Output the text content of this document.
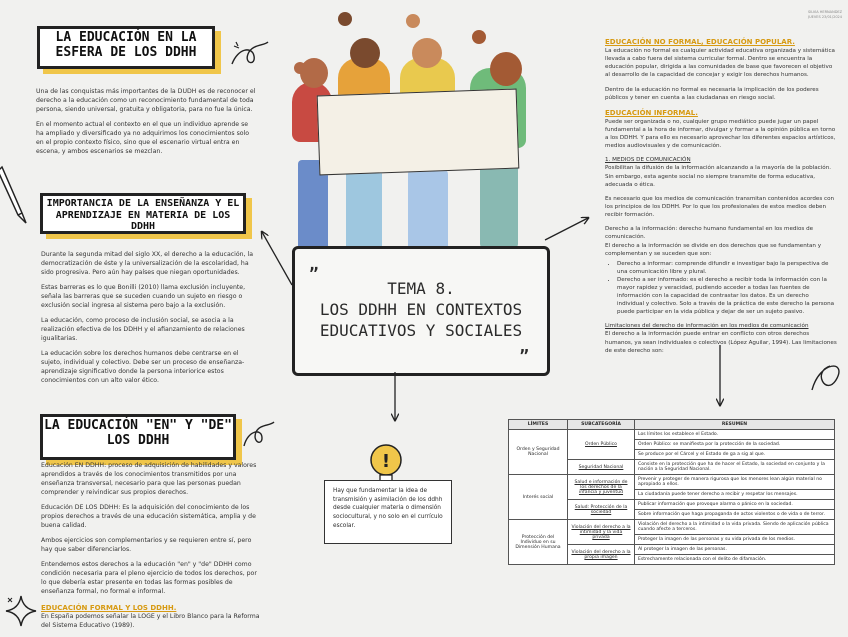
SILVIA HERNANDEZ
JUEVES 23/01/2024
LA EDUCACIÓN EN LA ESFERA DE LOS DDHH

Una de las conquistas más importantes de la DUDH es de reconocer el derecho a la educación como un reconocimiento fundamental de toda persona, siendo universal, gratuita y obligatoria, para no fue la única.

En el momento actual el contexto en el que un individuo aprende se ha ampliado y diversificado ya no adquirimos los conocimientos solo en el propio contexto físico, sino que el escenario virtual entra en escena, y ambos escenarios se mezclan.

IMPORTANCIA DE LA ENSEÑANZA Y EL APRENDIZAJE EN MATERIA DE LOS DDHH

Durante la segunda mitad del siglo XX, el derecho a la educación, la democratización de éste y la universalización de la escolaridad, ha sido progresiva. Pero aún hay países que niegan oportunidades.

Estas barreras es lo que Bonilli (2010) llama exclusión incluyente, señala las barreras que se suceden cuando un sujeto en riesgo o exclusión social ingresa al sistema pero bajo a la exclusión.

La educación, como proceso de inclusión social, se asocia a la realización efectiva de los DDHH y el afianzamiento de relaciones igualitarias.

La educación sobre los derechos humanos debe centrarse en el sujeto, individual y colectivo. Debe ser un proceso de enseñanza-aprendizaje significativo donde la persona interiorice estos conocimientos con un alto valor ético.

LA EDUCACIÓN "EN" Y "DE" LOS DDHH

Educación EN DDHH: proceso de adquisición de habilidades y valores aprendidos a través de los conocimientos transmitidos por una enseñanza transversal, necesario para que las personas puedan comprender y reivindicar sus propios derechos.

Educación DE LOS DDHH: Es la adquisición del conocimiento de los propios derechos a través de una educación sistemática, amplia y de buena calidad.

Ambos ejercicios son complementarios y se requieren entre sí, pero hay que saber diferenciarlos.

Entendemos estos derechos a la educación "en" y "de" DDHH como condición necesaria para el pleno ejercicio de todos los derechos, por lo que debería estar presente en todas las formas posibles de enseñanza formal, no formal e informal.

EDUCACIÓN FORMAL Y LOS DDHH.

En España podemos señalar la LOGE y el Libro Blanco para la Reforma del Sistema Educativo (1989).

„
”
TEMA 8.
LOS DDHH EN CONTEXTOS
EDUCATIVOS Y SOCIALES
!
Hay que fundamentar la idea de transmisión y asimilación de los ddhh desde cualquier materia o dimensión sociocultural, y no solo en el currículo escolar.
EDUCACIÓN NO FORMAL, EDUCACIÓN POPULAR.

La educación no formal es cualquier actividad educativa organizada y sistemática llevada a cabo fuera del sistema curricular formal. Dentro se encuentra la educación popular, dirigida a las comunidades de base que favorecen el objetivo al desarrollo de la capacidad de concejar y exigir los derechos humanos.

Dentro de la educación no formal es necesaria la implicación de los poderes públicos y tener en cuenta a las ciudadanas en riesgo social.

EDUCACIÓN INFORMAL.

Puede ser organizada o no, cualquier grupo mediático puede jugar un papel fundamental a la hora de informar, divulgar y formar a la opinión pública en torno a los DDHH. Y para ello es necesario aprovechar los diferentes espacios artísticos, medios audiovisuales y de comunicación.

1. MEDIOS DE COMUNICACIÓN

Posibilitan la difusión de la información alcanzando a la mayoría de la población. Sin embargo, esta agente social no siempre transmite de forma educativa, adecuada o ética.

Es necesario que los medios de comunicación transmitan contenidos acordes con los principios de los DDHH. Por lo que los profesionales de estos medios deben recibir formación.

Derecho a la información: derecho humano fundamental en los medios de comunicación.

El derecho a la información se divide en dos derechos que se fundamentan y complementan y se suceden que son:

• Derecho a informar: comprende difundir e investigar bajo la perspectiva de una comunicación libre y plural.
• Derecho a ser informado: es el derecho a recibir toda la información con la mayor rapidez y veracidad, pudiendo acceder a todas las fuentes de información con la capacidad de contrastar los datos. Es un derecho individual y colectivo. Solo a través de la práctica de este derecho la persona puede participar en la vida pública y dejar de ser un sujeto pasivo.
Limitaciones del derecho de información en los medios de comunicación

El derecho a la información puede entrar en conflicto con otros derechos humanos, ya sean individuales o colectivos (López Aguilar, 1994). Las limitaciones de este derecho son:

LÍMITES	SUBCATEGORÍA	RESUMEN
Orden y Seguridad Nacional	Orden Público	Los límites los establece el Estado.
		Orden Público: se manifiesta por la protección de la sociedad.
		Se produce por el Cárcel y el Estado de ga a sig al que.
	Seguridad Nacional	Consiste en la protección que ha de hacer el Estado, la sociedad en conjunto y la nación a la Seguridad Nacional.
Interés social	Salud e información de los derechos de la infancia y juventud	Prevenir y proteger de manera rigurosa que los menores lean algún material no apropiado a ellos.
		La ciudadanía puede tener derecho a recibir y respetar los mensajes.
	Salud: Protección de la sociedad	Publicar información que provoque alarma o pánico en la sociedad.
		Sobre información que haga propaganda de actos violentos o de vida o de terror.
Protección del Individuo en su Dimensión Humana	Violación del derecho a la intimidad y la vida privada	Violación del derecho a la intimidad o la vida privada. Siendo de aplicación pública cuando afecte a terceros.
		Proteger la imagen de las personas y su vida privada de los medios.
	Violación del derecho a la propia imagen	Al proteger la imagen de las personas.
		Estrechamente relacionada con el delito de difamación.
